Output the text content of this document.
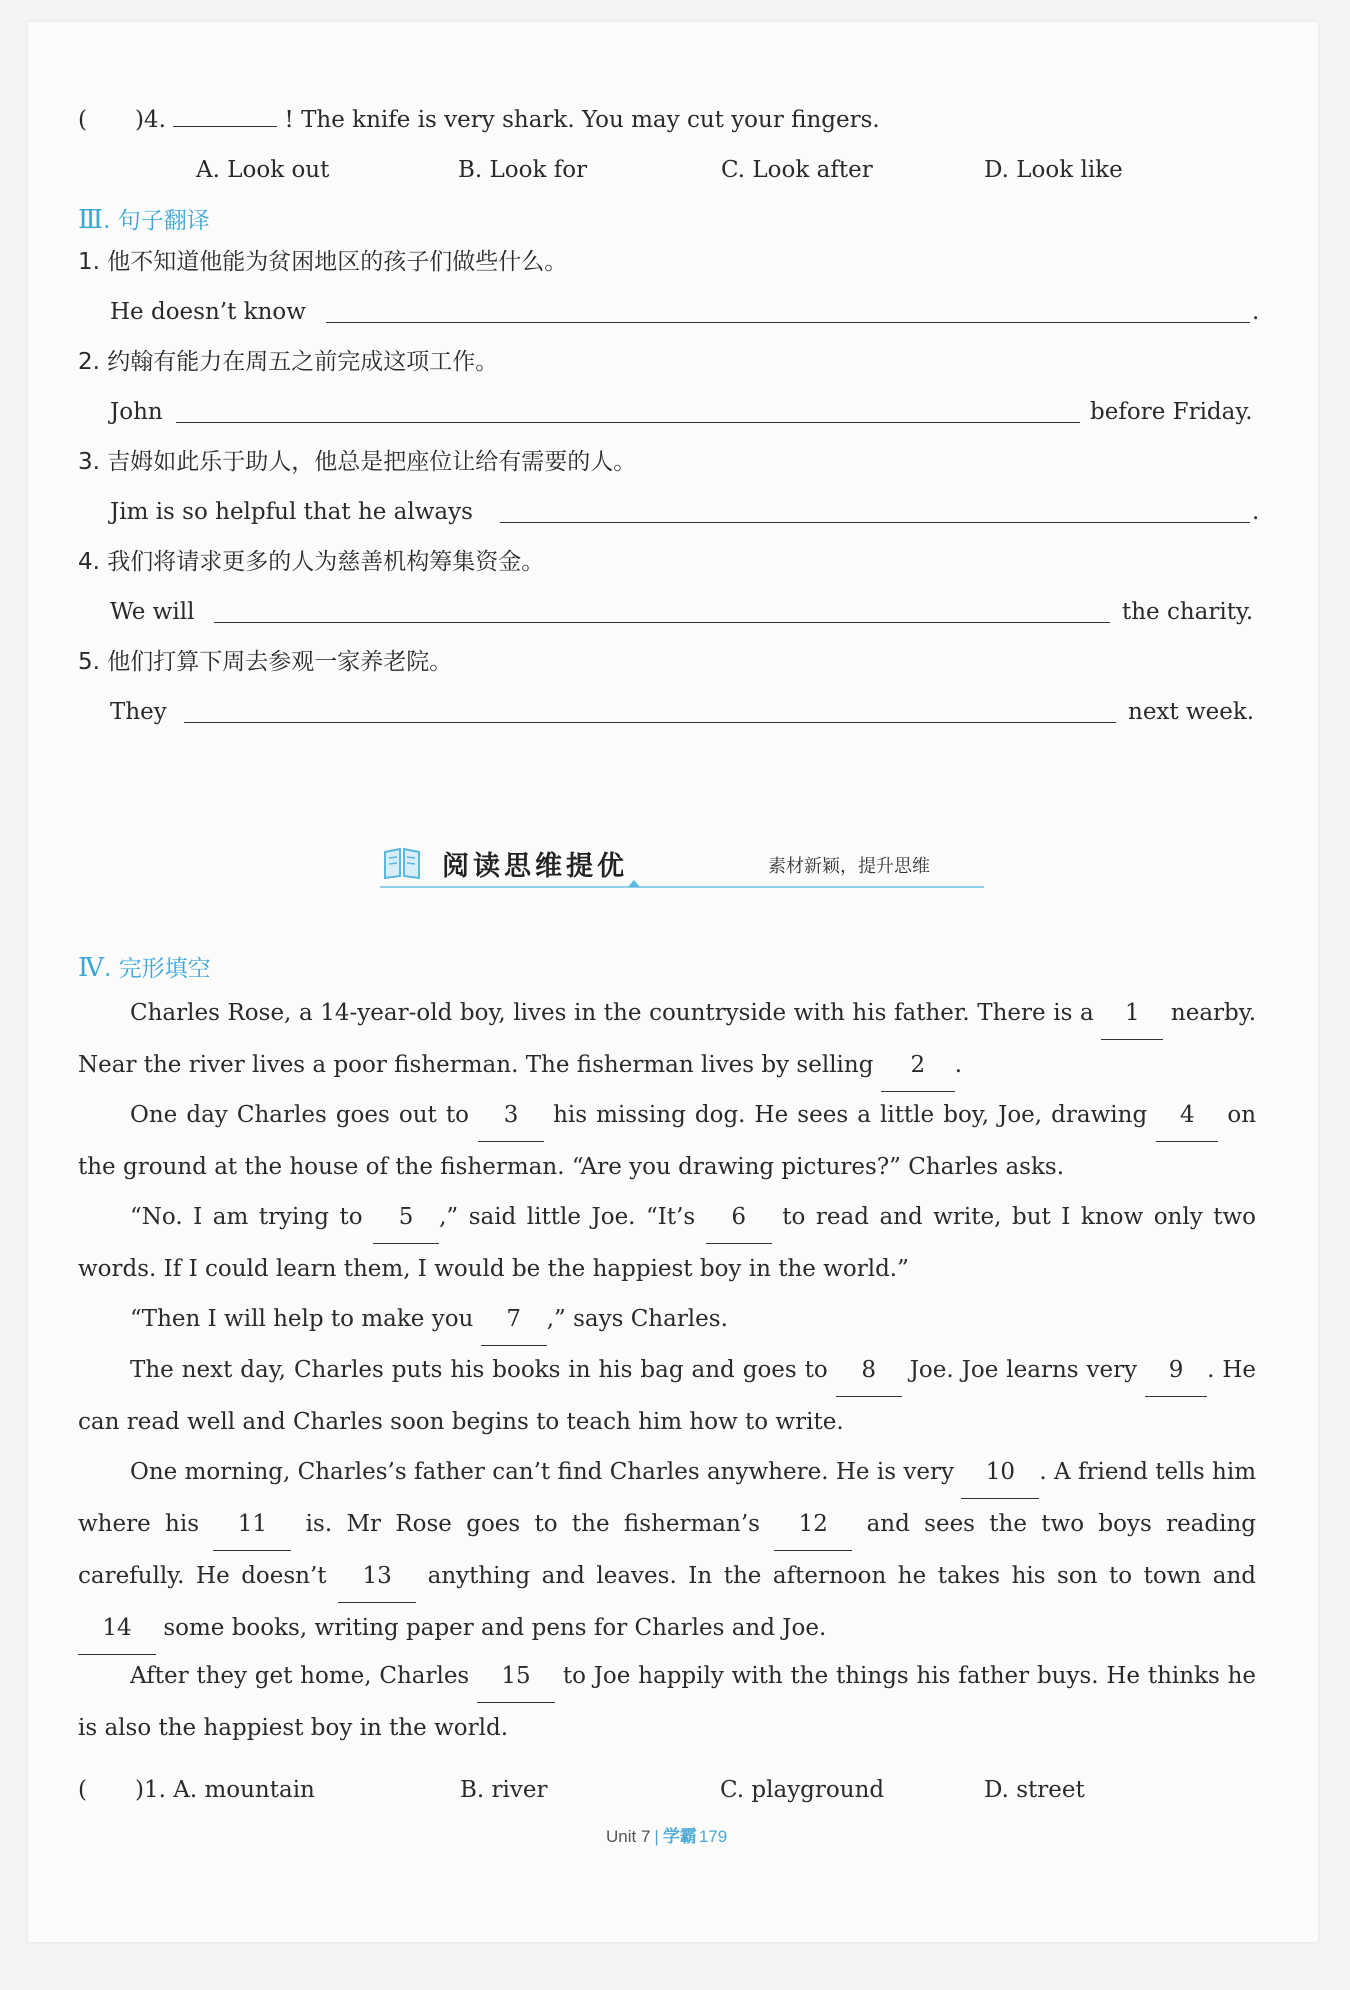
( )4.	! The knife is very shark. You may cut your fingers.
A. Look out	B. Look for	C. Look after	D. Look like
Ⅲ. 句子翻译
1. 他不知道他能为贫困地区的孩子们做些什么。
He doesn’t know	.
2. 约翰有能力在周五之前完成这项工作。
John	before Friday.
3. 吉姆如此乐于助人，他总是把座位让给有需要的人。
Jim is so helpful that he always	.
4. 我们将请求更多的人为慈善机构筹集资金。
We will	the charity.
5. 他们打算下周去参观一家养老院。
They	next week.
阅读思维提优	素材新颖，提升思维
Ⅳ. 完形填空
Charles Rose, a 14-year-old boy, lives in the countryside with his father. There is a 1 nearby. Near the river lives a poor fisherman. The fisherman lives by selling 2 .
One day Charles goes out to 3 his missing dog. He sees a little boy, Joe, drawing 4 on the ground at the house of the fisherman. “Are you drawing pictures?” Charles asks.
“No. I am trying to 5 ,” said little Joe. “It’s 6 to read and write, but I know only two words. If I could learn them, I would be the happiest boy in the world.”
“Then I will help to make you 7 ,” says Charles.
The next day, Charles puts his books in his bag and goes to 8 Joe. Joe learns very 9 . He can read well and Charles soon begins to teach him how to write.
One morning, Charles’s father can’t find Charles anywhere. He is very 10 . A friend tells him where his 11 is. Mr Rose goes to the fisherman’s 12 and sees the two boys reading carefully. He doesn’t 13 anything and leaves. In the afternoon he takes his son to town and 14 some books, writing paper and pens for Charles and Joe.
After they get home, Charles 15 to Joe happily with the things his father buys. He thinks he is also the happiest boy in the world.
( )1. A. mountain	B. river	C. playground	D. street
Unit 7 | 学霸 179
